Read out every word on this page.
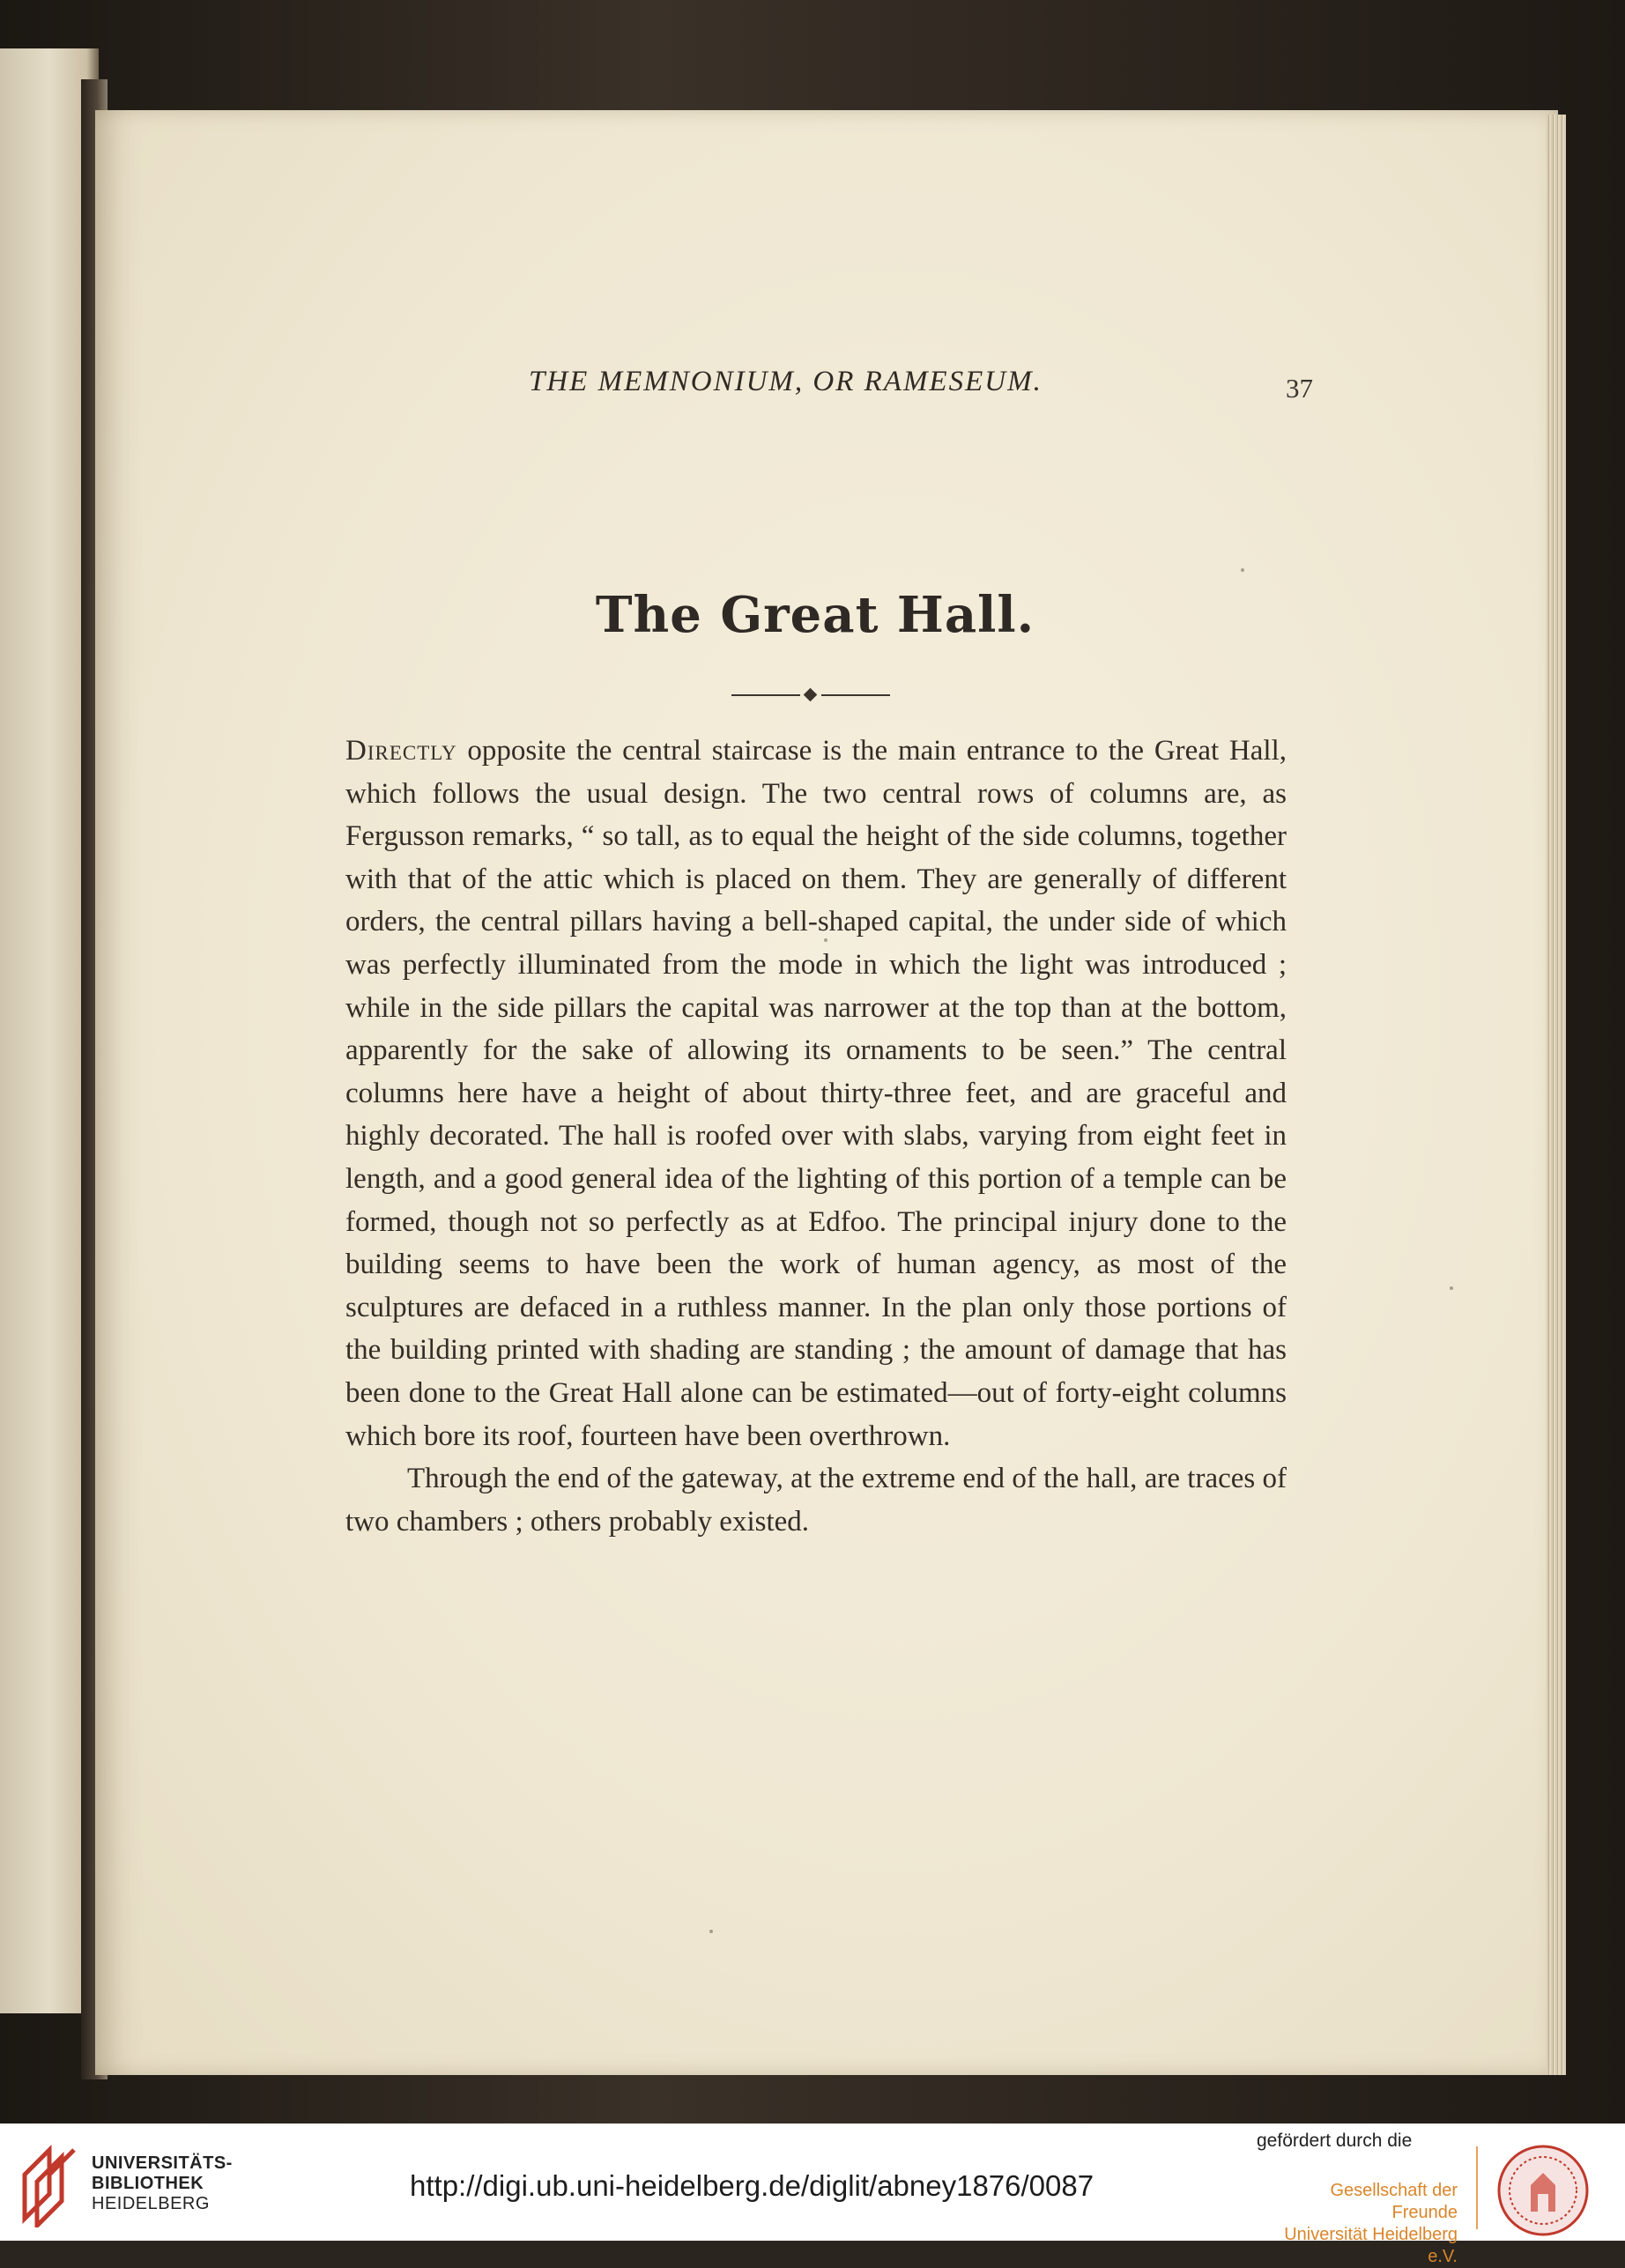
THE MEMNONIUM, OR RAMESEUM.	37
The Great Hall.

Directly opposite the central staircase is the main entrance to the Great Hall, which follows the usual design. The two central rows of columns are, as Fergusson remarks, “ so tall, as to equal the height of the side columns, together with that of the attic which is placed on them. They are generally of different orders, the central pillars having a bell-shaped capital, the under side of which was perfectly illuminated from the mode in which the light was introduced ; while in the side pillars the capital was narrower at the top than at the bottom, apparently for the sake of allowing its ornaments to be seen.” The central columns here have a height of about thirty-three feet, and are graceful and highly decorated. The hall is roofed over with slabs, varying from eight feet in length, and a good general idea of the lighting of this portion of a temple can be formed, though not so perfectly as at Edfoo. The principal injury done to the building seems to have been the work of human agency, as most of the sculptures are defaced in a ruthless manner. In the plan only those portions of the building printed with shading are standing ; the amount of damage that has been done to the Great Hall alone can be estimated—out of forty-eight columns which bore its roof, fourteen have been overthrown.

Through the end of the gateway, at the extreme end of the hall, are traces of two chambers ; others probably existed.

UNIVERSITÄTS-
BIBLIOTHEK
HEIDELBERG
http://digi.ub.uni-heidelberg.de/diglit/abney1876/0087
gefördert durch die
Gesellschaft der Freunde
Universität Heidelberg e.V.
